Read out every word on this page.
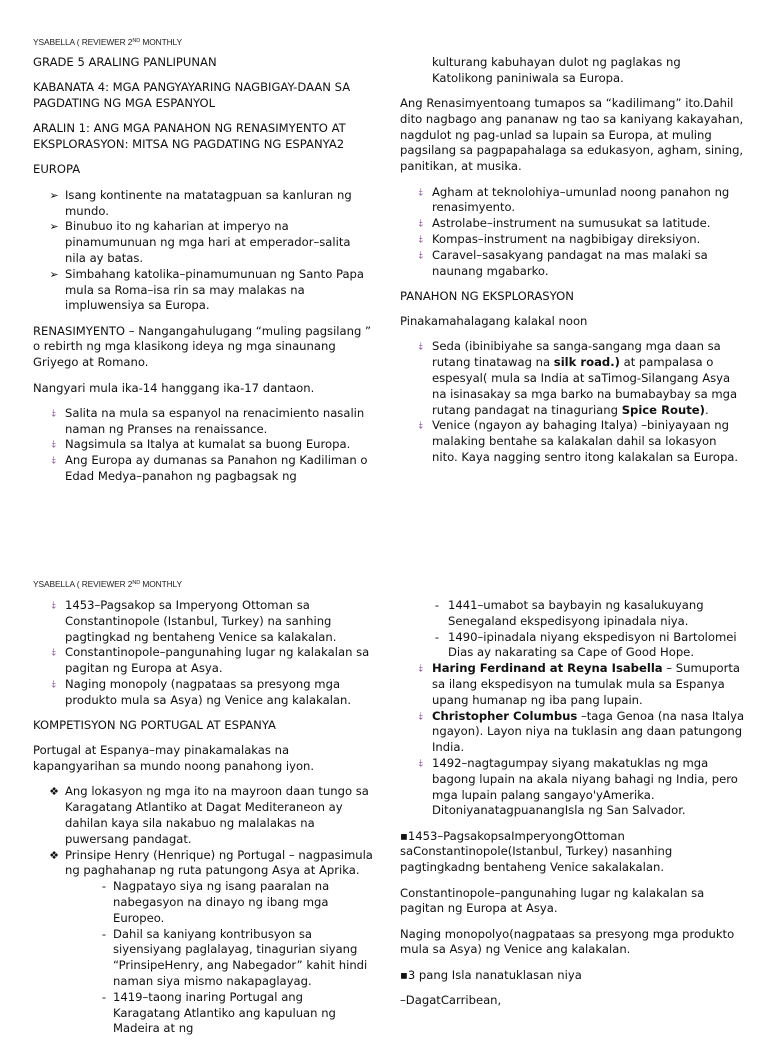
YSABELLA ( REVIEWER 2ND MONTHLY

GRADE 5 ARALING PANLIPUNAN

KABANATA 4: MGA PANGYAYARING NAGBIGAY-DAAN SA PAGDATING NG MGA ESPANYOL

ARALIN 1: ANG MGA PANAHON NG RENASIMYENTO AT EKSPLORASYON: MITSA NG PAGDATING NG ESPANYA2

EUROPA

➢ Isang kontinente na matatagpuan sa kanluran ng mundo.
➢ Binubuo ito ng kaharian at imperyo na pinamumunuan ng mga hari at emperador–salita nila ay batas.
➢ Simbahang katolika–pinamumunuan ng Santo Papa mula sa Roma–isa rin sa may malakas na impluwensiya sa Europa.

RENASIMYENTO – Nangangahulugang “muling pagsilang ” o rebirth ng mga klasikong ideya ng mga sinaunang Griyego at Romano.

Nangyari mula ika-14 hanggang ika-17 dantaon.

⤈ Salita na mula sa espanyol na renacimiento nasalin naman ng Pranses na renaissance.
⤈ Nagsimula sa Italya at kumalat sa buong Europa.
⤈ Ang Europa ay dumanas sa Panahon ng Kadiliman o Edad Medya–panahon ng pagbagsak ng

kulturang kabuhayan dulot ng paglakas ng Katolikong paniniwala sa Europa.

Ang Renasimyentoang tumapos sa “kadilimang” ito.Dahil dito nagbago ang pananaw ng tao sa kaniyang kakayahan, nagdulot ng pag-unlad sa lupain sa Europa, at muling pagsilang sa pagpapahalaga sa edukasyon, agham, sining, panitikan, at musika.

⤈ Agham at teknolohiya–umunlad noong panahon ng renasimyento.
⤈ Astrolabe–instrument na sumusukat sa latitude.
⤈ Kompas–instrument na nagbibigay direksiyon.
⤈ Caravel–sasakyang pandagat na mas malaki sa naunang mgabarko.

PANAHON NG EKSPLORASYON

Pinakamahalagang kalakal noon

⤈ Seda (ibinibiyahe sa sanga-sangang mga daan sa rutang tinatawag na silk road.) at pampalasa o espesyal( mula sa India at saTimog-Silangang Asya na isinasakay sa mga barko na bumabaybay sa mga rutang pandagat na tinaguriang Spice Route).
⤈ Venice (ngayon ay bahaging Italya) –biniyayaan ng malaking bentahe sa kalakalan dahil sa lokasyon nito. Kaya nagging sentro itong kalakalan sa Europa.
YSABELLA ( REVIEWER 2ND MONTHLY
⤈ 1453–Pagsakop sa Imperyong Ottoman sa Constantinopole (Istanbul, Turkey) na sanhing pagtingkad ng bentaheng Venice sa kalakalan.
⤈ Constantinopole–pangunahing lugar ng kalakalan sa pagitan ng Europa at Asya.
⤈ Naging monopoly (nagpataas sa presyong mga produkto mula sa Asya) ng Venice ang kalakalan.

KOMPETISYON NG PORTUGAL AT ESPANYA

Portugal at Espanya–may pinakamalakas na kapangyarihan sa mundo noong panahong iyon.

❖ Ang lokasyon ng mga ito na mayroon daan tungo sa Karagatang Atlantiko at Dagat Mediteraneon ay dahilan kaya sila nakabuo ng malalakas na puwersang pandagat.
❖ Prinsipe Henry (Henrique) ng Portugal – nagpasimula ng paghahanap ng ruta patungong Asya at Aprika.
- Nagpatayo siya ng isang paaralan na nabegasyon na dinayo ng ibang mga Europeo.
- Dahil sa kaniyang kontribusyon sa siyensiyang paglalayag, tinagurian siyang “PrinsipeHenry, ang Nabegador” kahit hindi naman siya mismo nakapaglayag.
- 1419–taong inaring Portugal ang Karagatang Atlantiko ang kapuluan ng Madeira at ng
- 1441–umabot sa baybayin ng kasalukuyang Senegaland ekspedisyong ipinadala niya.
- 1490–ipinadala niyang ekspedisyon ni Bartolomei Dias ay nakarating sa Cape of Good Hope.
⤈ Haring Ferdinand at Reyna Isabella – Sumuporta sa ilang ekspedisyon na tumulak mula sa Espanya upang humanap ng iba pang lupain.
⤈ Christopher Columbus –taga Genoa (na nasa Italya ngayon). Layon niya na tuklasin ang daan patungong India.
⤈ 1492–nagtagumpay siyang makatuklas ng mga bagong lupain na akala niyang bahagi ng India, pero mga lupain palang sangayo'yAmerika. DitoniyanatagpuanangIsla ng San Salvador.

▪1453–PagsakopsaImperyongOttoman saConstantinopole(Istanbul, Turkey) nasanhing pagtingkadng bentaheng Venice sakalakalan.

Constantinopole–pangunahing lugar ng kalakalan sa pagitan ng Europa at Asya.

Naging monopolyo(nagpataas sa presyong mga produkto mula sa Asya) ng Venice ang kalakalan.

▪3 pang Isla nanatuklasan niya

–DagatCarribean,
